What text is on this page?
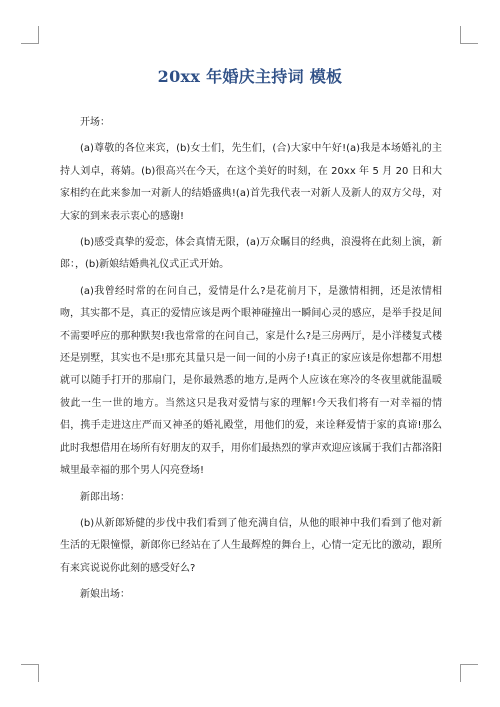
20xx 年婚庆主持词 模板

开场：

(a)尊敬的各位来宾，(b)女士们，先生们，(合)大家中午好!(a)我是本场婚礼的主持人刘卓，蒋婧。(b)很高兴在今天，在这个美好的时刻，在 20xx 年 5 月 20 日和大家相约在此来参加一对新人的结婚盛典!(a)首先我代表一对新人及新人的双方父母，对大家的到来表示衷心的感谢!

(b)感受真挚的爱恋，体会真情无限，(a)万众瞩目的经典，浪漫将在此刻上演，新郎：，(b)新娘结婚典礼仪式正式开始。

(a)我曾经时常的在问自己，爱情是什么?是花前月下，是激情相拥，还是浓情相吻，其实都不是，真正的爱情应该是两个眼神碰撞出一瞬间心灵的感应，是举手投足间不需要呼应的那种默契!我也常常的在问自己，家是什么?是三房两厅，是小洋楼复式楼还是别墅，其实也不是!那充其量只是一间一间的小房子!真正的家应该是你想都不用想就可以随手打开的那扇门，是你最熟悉的地方,是两个人应该在寒冷的冬夜里就能温暖彼此一生一世的地方。当然这只是我对爱情与家的理解!今天我们将有一对幸福的情侣，携手走进这庄严而又神圣的婚礼殿堂，用他们的爱，来诠释爱情于家的真谛!那么此时我想借用在场所有好朋友的双手，用你们最热烈的掌声欢迎应该属于我们古都洛阳城里最幸福的那个男人闪亮登场!

新郎出场：

(b)从新郎矫健的步伐中我们看到了他充满自信，从他的眼神中我们看到了他对新生活的无限憧憬，新郎你已经站在了人生最辉煌的舞台上，心情一定无比的激动，跟所有来宾说说你此刻的感受好么?

新娘出场：
